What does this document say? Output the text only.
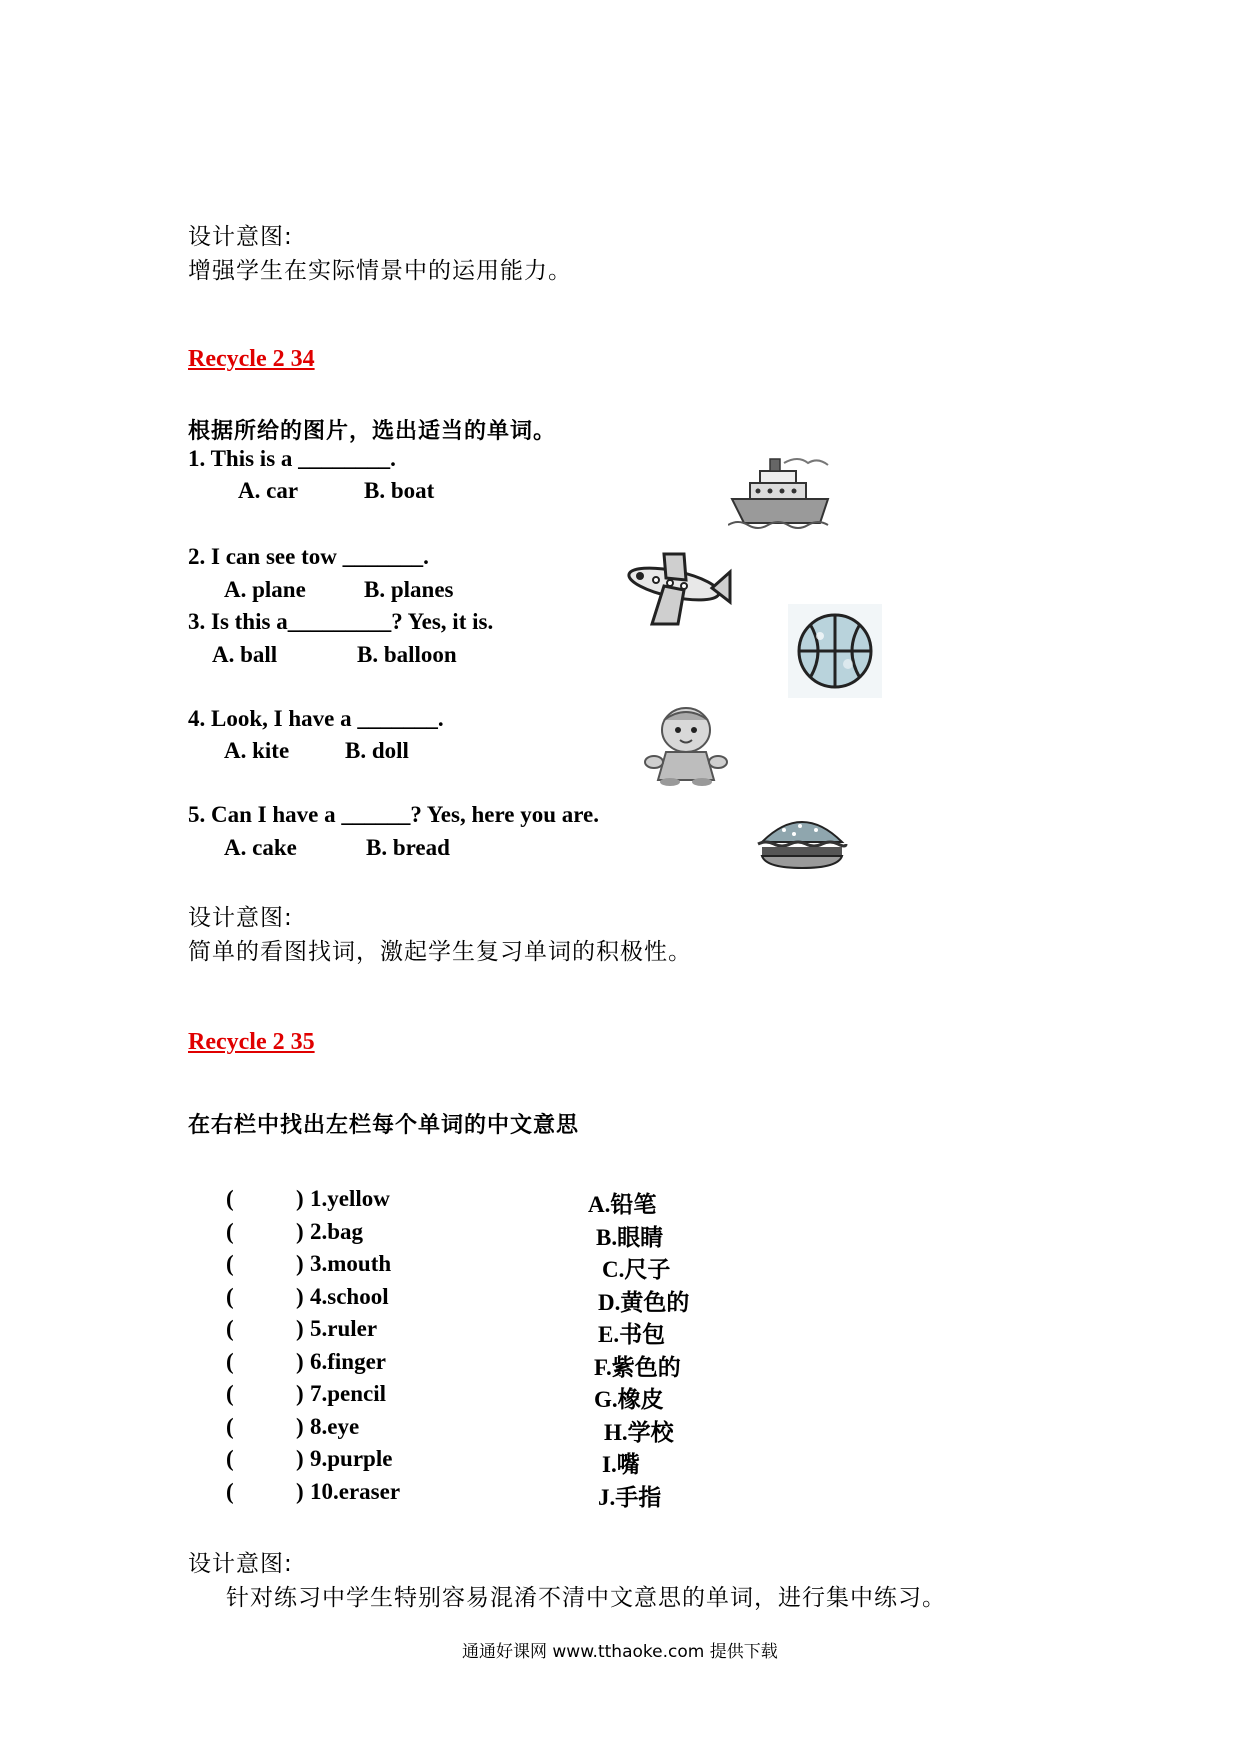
设计意图:
增强学生在实际情景中的运用能力。
Recycle 2 34
根据所给的图片，选出适当的单词。
1. This is a ________.
A. car	B. boat
2. I can see tow _______.
A. plane	B. planes
3. Is this a_________? Yes, it is.
A. ball	B. balloon
4. Look, I have a _______.
A. kite B. doll
5. Can I have a ______? Yes, here you are.
A. cake	B. bread
设计意图:
简单的看图找词，激起学生复习单词的积极性。
Recycle 2 35
在右栏中找出左栏每个单词的中文意思
(	) 1.yellow	A.铅笔
(	) 2.bag	B.眼睛
(	) 3.mouth	C.尺子
(	) 4.school	D.黄色的
(	) 5.ruler	E.书包
(	) 6.finger	F.紫色的
(	) 7.pencil	G.橡皮
(	) 8.eye	H.学校
(	) 9.purple	I.嘴
(	) 10.eraser	J.手指
设计意图:
针对练习中学生特别容易混淆不清中文意思的单词，进行集中练习。
通通好课网 www.tthaoke.com 提供下载
